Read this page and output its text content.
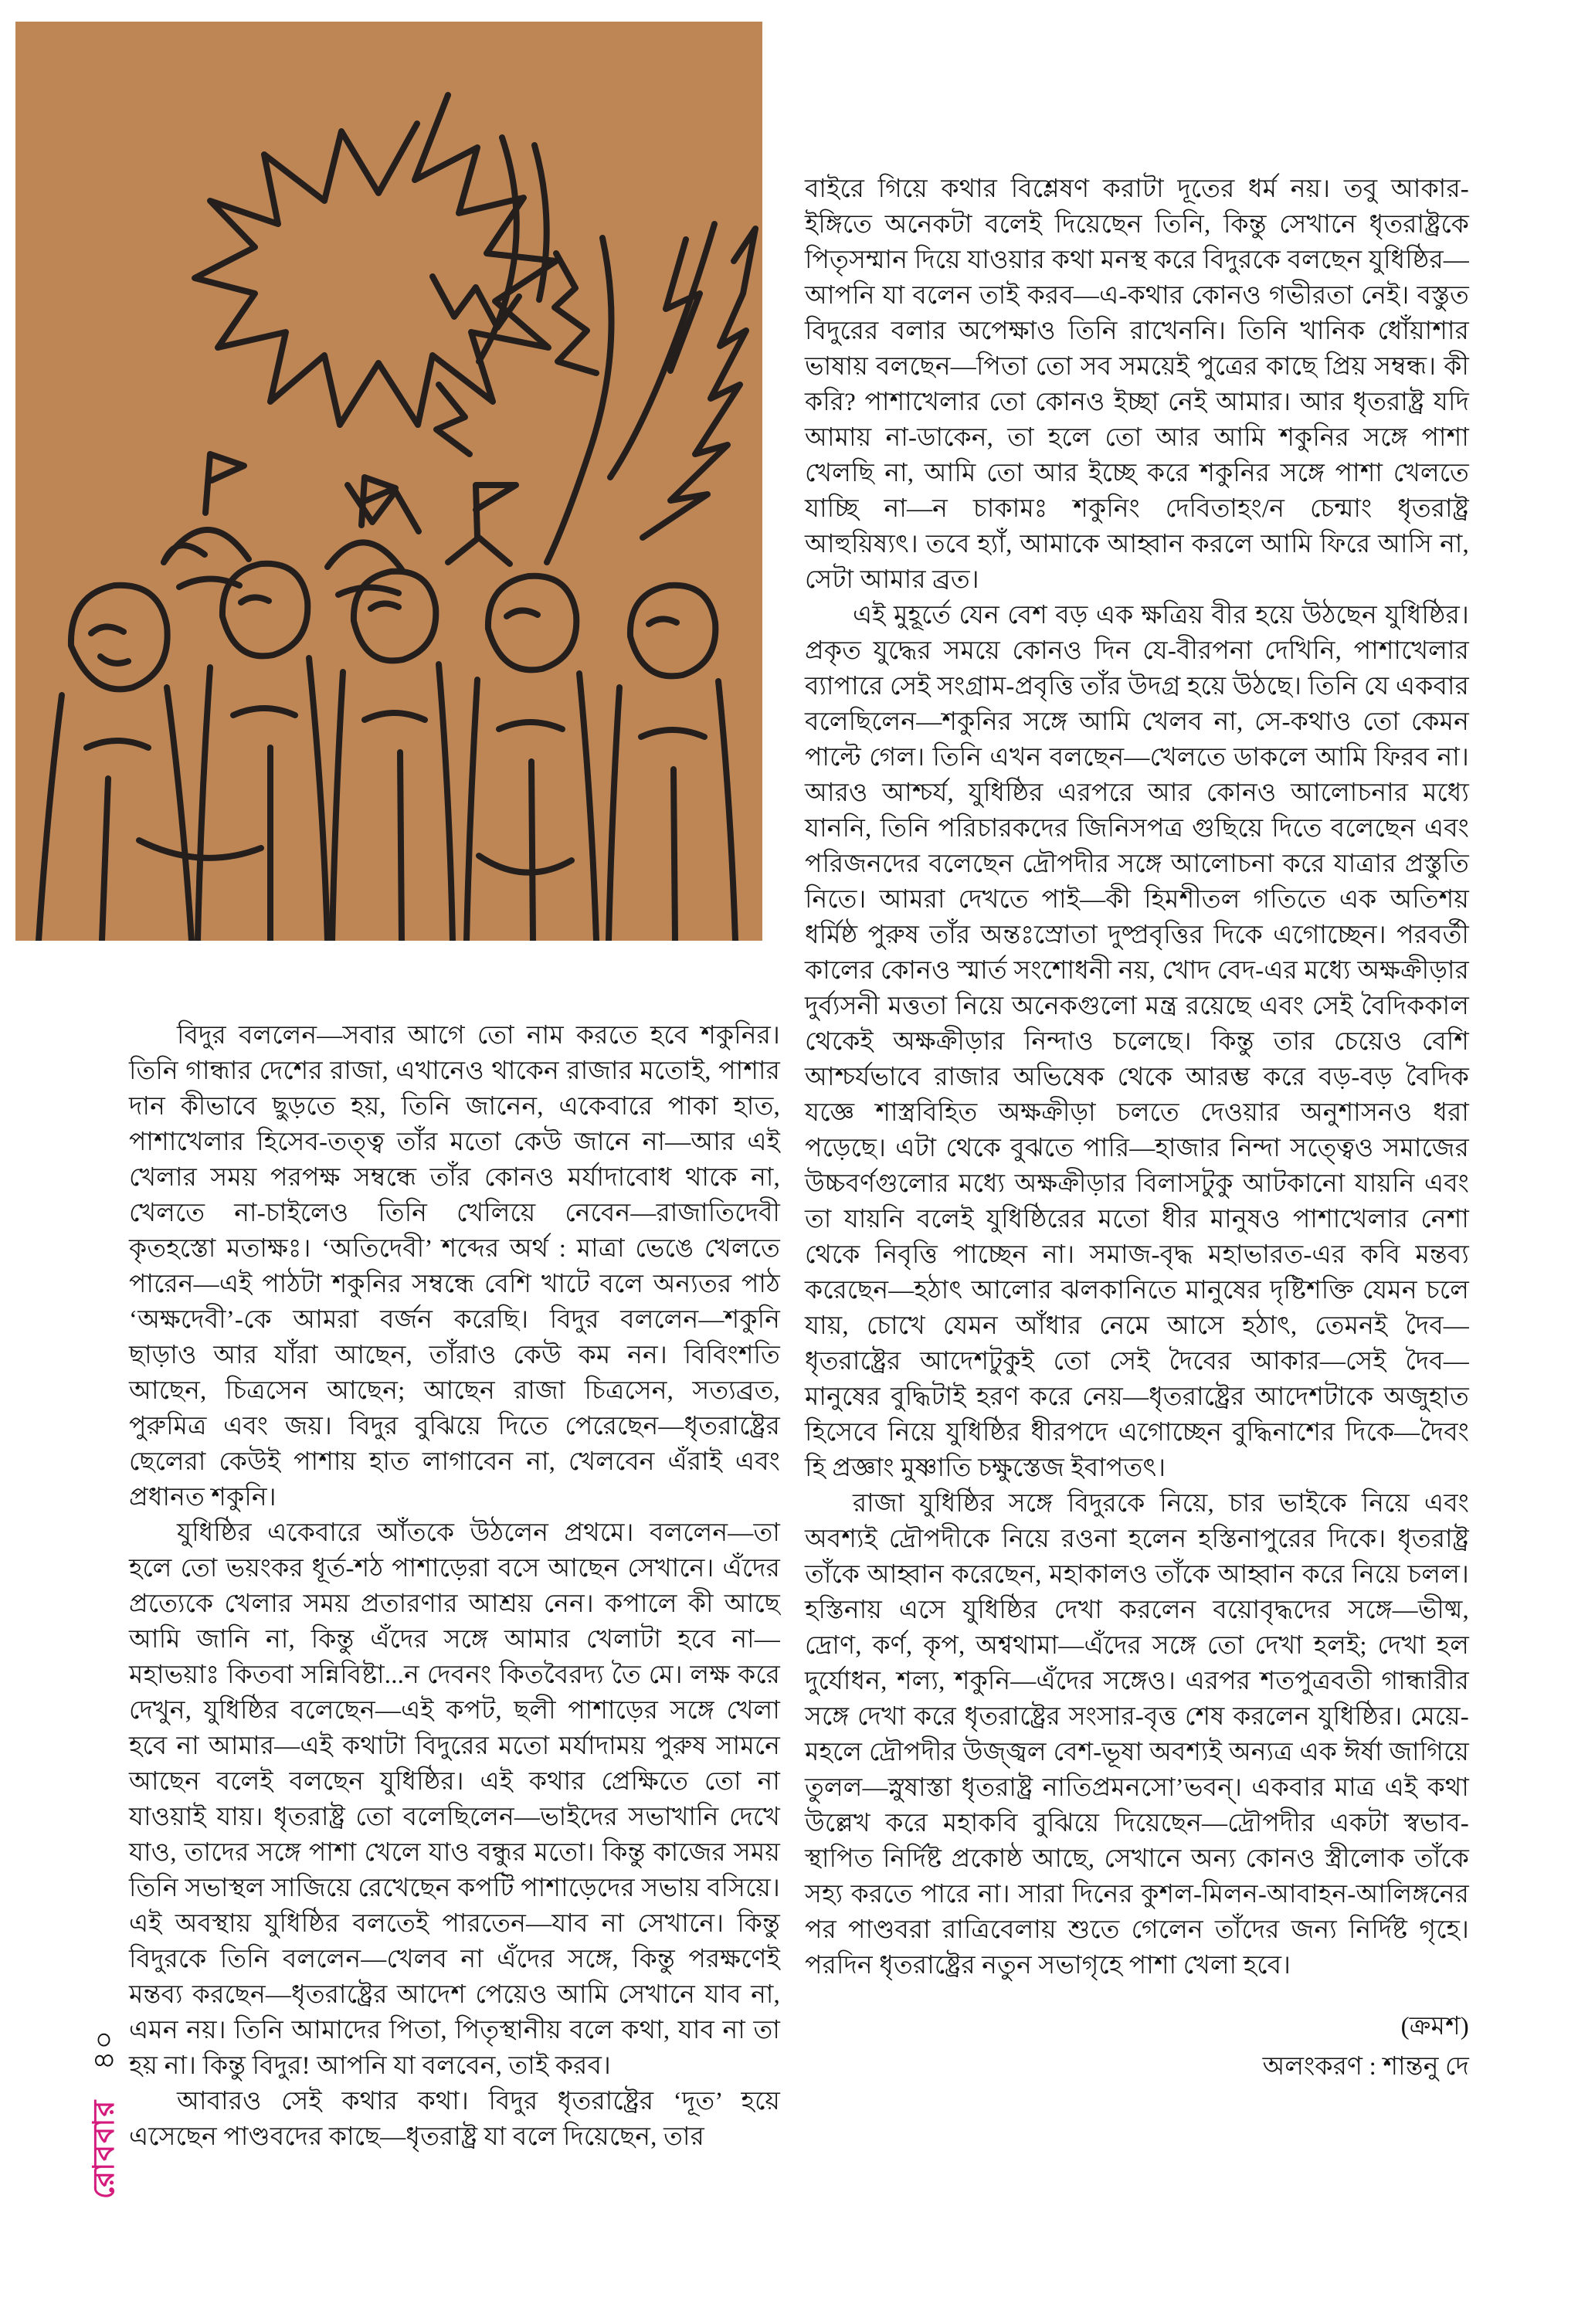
বিদুর বললেন—সবার আগে তো নাম করতে হবে শকুনির। তিনি গান্ধার দেশের রাজা, এখানেও থাকেন রাজার মতোই, পাশার দান কীভাবে ছুড়তে হয়, তিনি জানেন, একেবারে পাকা হাত, পাশাখেলার হিসেব-তত্ত্ব তাঁর মতো কেউ জানে না—আর এই খেলার সময় পরপক্ষ সম্বন্ধে তাঁর কোনও মর্যাদাবোধ থাকে না, খেলতে না-চাইলেও তিনি খেলিয়ে নেবেন—রাজাতিদেবী কৃতহস্তো মতাক্ষঃ। ‘অতিদেবী’ শব্দের অর্থ : মাত্রা ভেঙে খেলতে পারেন—এই পাঠটা শকুনির সম্বন্ধে বেশি খাটে বলে অন্যতর পাঠ ‘অক্ষদেবী’-কে আমরা বর্জন করেছি। বিদুর বললেন—শকুনি ছাড়াও আর যাঁরা আছেন, তাঁরাও কেউ কম নন। বিবিংশতি আছেন, চিত্রসেন আছেন; আছেন রাজা চিত্রসেন, সত্যব্রত, পুরুমিত্র এবং জয়। বিদুর বুঝিয়ে দিতে পেরেছেন—ধৃতরাষ্ট্রের ছেলেরা কেউই পাশায় হাত লাগাবেন না, খেলবেন এঁরাই এবং প্রধানত শকুনি।

যুধিষ্ঠির একেবারে আঁতকে উঠলেন প্রথমে। বললেন—তা হলে তো ভয়ংকর ধূর্ত-শঠ পাশাড়েরা বসে আছেন সেখানে। এঁদের প্রত্যেকে খেলার সময় প্রতারণার আশ্রয় নেন। কপালে কী আছে আমি জানি না, কিন্তু এঁদের সঙ্গে আমার খেলাটা হবে না—মহাভয়াঃ কিতবা সন্নিবিষ্টা...ন দেবনং কিতবৈরদ্য তৈ মে। লক্ষ করে দেখুন, যুধিষ্ঠির বলেছেন—এই কপট, ছলী পাশাড়ের সঙ্গে খেলা হবে না আমার—এই কথাটা বিদুরের মতো মর্যাদাময় পুরুষ সামনে আছেন বলেই বলছেন যুধিষ্ঠির। এই কথার প্রেক্ষিতে তো না যাওয়াই যায়। ধৃতরাষ্ট্র তো বলেছিলেন—ভাইদের সভাখানি দেখে যাও, তাদের সঙ্গে পাশা খেলে যাও বন্ধুর মতো। কিন্তু কাজের সময় তিনি সভাস্থল সাজিয়ে রেখেছেন কপটি পাশাড়েদের সভায় বসিয়ে। এই অবস্থায় যুধিষ্ঠির বলতেই পারতেন—যাব না সেখানে। কিন্তু বিদুরকে তিনি বললেন—খেলব না এঁদের সঙ্গে, কিন্তু পরক্ষণেই মন্তব্য করছেন—ধৃতরাষ্ট্রের আদেশ পেয়েও আমি সেখানে যাব না, এমন নয়। তিনি আমাদের পিতা, পিতৃস্থানীয় বলে কথা, যাব না তা হয় না। কিন্তু বিদুর! আপনি যা বলবেন, তাই করব।

আবারও সেই কথার কথা। বিদুর ধৃতরাষ্ট্রের ‘দূত’ হয়ে এসেছেন পাণ্ডবদের কাছে—ধৃতরাষ্ট্র যা বলে দিয়েছেন, তার

বাইরে গিয়ে কথার বিশ্লেষণ করাটা দূতের ধর্ম নয়। তবু আকার-ইঙ্গিতে অনেকটা বলেই দিয়েছেন তিনি, কিন্তু সেখানে ধৃতরাষ্ট্রকে পিতৃসম্মান দিয়ে যাওয়ার কথা মনস্থ করে বিদুরকে বলছেন যুধিষ্ঠির—আপনি যা বলেন তাই করব—এ-কথার কোনও গভীরতা নেই। বস্তুত বিদুরের বলার অপেক্ষাও তিনি রাখেননি। তিনি খানিক ধোঁয়াশার ভাষায় বলছেন—পিতা তো সব সময়েই পুত্রের কাছে প্রিয় সম্বন্ধ। কী করি? পাশাখেলার তো কোনও ইচ্ছা নেই আমার। আর ধৃতরাষ্ট্র যদি আমায় না-ডাকেন, তা হলে তো আর আমি শকুনির সঙ্গে পাশা খেলছি না, আমি তো আর ইচ্ছে করে শকুনির সঙ্গে পাশা খেলতে যাচ্ছি না—ন চাকামঃ শকুনিং দেবিতাহং/ন চেন্মাং ধৃতরাষ্ট্র আহুয়িষ্যৎ। তবে হ্যাঁ, আমাকে আহ্বান করলে আমি ফিরে আসি না, সেটা আমার ব্রত।

এই মুহূর্তে যেন বেশ বড় এক ক্ষত্রিয় বীর হয়ে উঠছেন যুধিষ্ঠির। প্রকৃত যুদ্ধের সময়ে কোনও দিন যে-বীরপনা দেখিনি, পাশাখেলার ব্যাপারে সেই সংগ্রাম-প্রবৃত্তি তাঁর উদগ্র হয়ে উঠছে। তিনি যে একবার বলেছিলেন—শকুনির সঙ্গে আমি খেলব না, সে-কথাও তো কেমন পাল্টে গেল। তিনি এখন বলছেন—খেলতে ডাকলে আমি ফিরব না। আরও আশ্চর্য, যুধিষ্ঠির এরপরে আর কোনও আলোচনার মধ্যে যাননি, তিনি পরিচারকদের জিনিসপত্র গুছিয়ে দিতে বলেছেন এবং পরিজনদের বলেছেন দ্রৌপদীর সঙ্গে আলোচনা করে যাত্রার প্রস্তুতি নিতে। আমরা দেখতে পাই—কী হিমশীতল গতিতে এক অতিশয় ধর্মিষ্ঠ পুরুষ তাঁর অন্তঃস্রোতা দুষ্প্রবৃত্তির দিকে এগোচ্ছেন। পরবর্তী কালের কোনও স্মার্ত সংশোধনী নয়, খোদ বেদ-এর মধ্যে অক্ষক্রীড়ার দুর্ব্যসনী মত্ততা নিয়ে অনেকগুলো মন্ত্র রয়েছে এবং সেই বৈদিককাল থেকেই অক্ষক্রীড়ার নিন্দাও চলেছে। কিন্তু তার চেয়েও বেশি আশ্চর্যভাবে রাজার অভিষেক থেকে আরম্ভ করে বড়-বড় বৈদিক যজ্ঞে শাস্ত্রবিহিত অক্ষক্রীড়া চলতে দেওয়ার অনুশাসনও ধরা পড়েছে। এটা থেকে বুঝতে পারি—হাজার নিন্দা সত্ত্বেও সমাজের উচ্চবর্ণগুলোর মধ্যে অক্ষক্রীড়ার বিলাসটুকু আটকানো যায়নি এবং তা যায়নি বলেই যুধিষ্ঠিরের মতো ধীর মানুষও পাশাখেলার নেশা থেকে নিবৃত্তি পাচ্ছেন না। সমাজ-বৃদ্ধ মহাভারত-এর কবি মন্তব্য করেছেন—হঠাৎ আলোর ঝলকানিতে মানুষের দৃষ্টিশক্তি যেমন চলে যায়, চোখে যেমন আঁধার নেমে আসে হঠাৎ, তেমনই দৈব—ধৃতরাষ্ট্রের আদেশটুকুই তো সেই দৈবের আকার—সেই দৈব—মানুষের বুদ্ধিটাই হরণ করে নেয়—ধৃতরাষ্ট্রের আদেশটাকে অজুহাত হিসেবে নিয়ে যুধিষ্ঠির ধীরপদে এগোচ্ছেন বুদ্ধিনাশের দিকে—দৈবং হি প্রজ্ঞাং মুষ্ণাতি চক্ষুস্তেজ ইবাপতৎ।

রাজা যুধিষ্ঠির সঙ্গে বিদুরকে নিয়ে, চার ভাইকে নিয়ে এবং অবশ্যই দ্রৌপদীকে নিয়ে রওনা হলেন হস্তিনাপুরের দিকে। ধৃতরাষ্ট্র তাঁকে আহ্বান করেছেন, মহাকালও তাঁকে আহ্বান করে নিয়ে চলল। হস্তিনায় এসে যুধিষ্ঠির দেখা করলেন বয়োবৃদ্ধদের সঙ্গে—ভীষ্ম, দ্রোণ, কর্ণ, কৃপ, অশ্বথামা—এঁদের সঙ্গে তো দেখা হলই; দেখা হল দুর্যোধন, শল্য, শকুনি—এঁদের সঙ্গেও। এরপর শতপুত্রবতী গান্ধারীর সঙ্গে দেখা করে ধৃতরাষ্ট্রের সংসার-বৃত্ত শেষ করলেন যুধিষ্ঠির। মেয়ে-মহলে দ্রৌপদীর উজ্জ্বল বেশ-ভূষা অবশ্যই অন্যত্র এক ঈর্ষা জাগিয়ে তুলল—স্নুষাস্তা ধৃতরাষ্ট্র নাতিপ্রমনসো’ভবন্। একবার মাত্র এই কথা উল্লেখ করে মহাকবি বুঝিয়ে দিয়েছেন—দ্রৌপদীর একটা স্বভাব-স্থাপিত নির্দিষ্ট প্রকোষ্ঠ আছে, সেখানে অন্য কোনও স্ত্রীলোক তাঁকে সহ্য করতে পারে না। সারা দিনের কুশল-মিলন-আবাহন-আলিঙ্গনের পর পাণ্ডবরা রাত্রিবেলায় শুতে গেলেন তাঁদের জন্য নির্দিষ্ট গৃহে। পরদিন ধৃতরাষ্ট্রের নতুন সভাগৃহে পাশা খেলা হবে।

(ক্রমশ)
অলংকরণ : শান্তনু দে
রোববার ৪০
